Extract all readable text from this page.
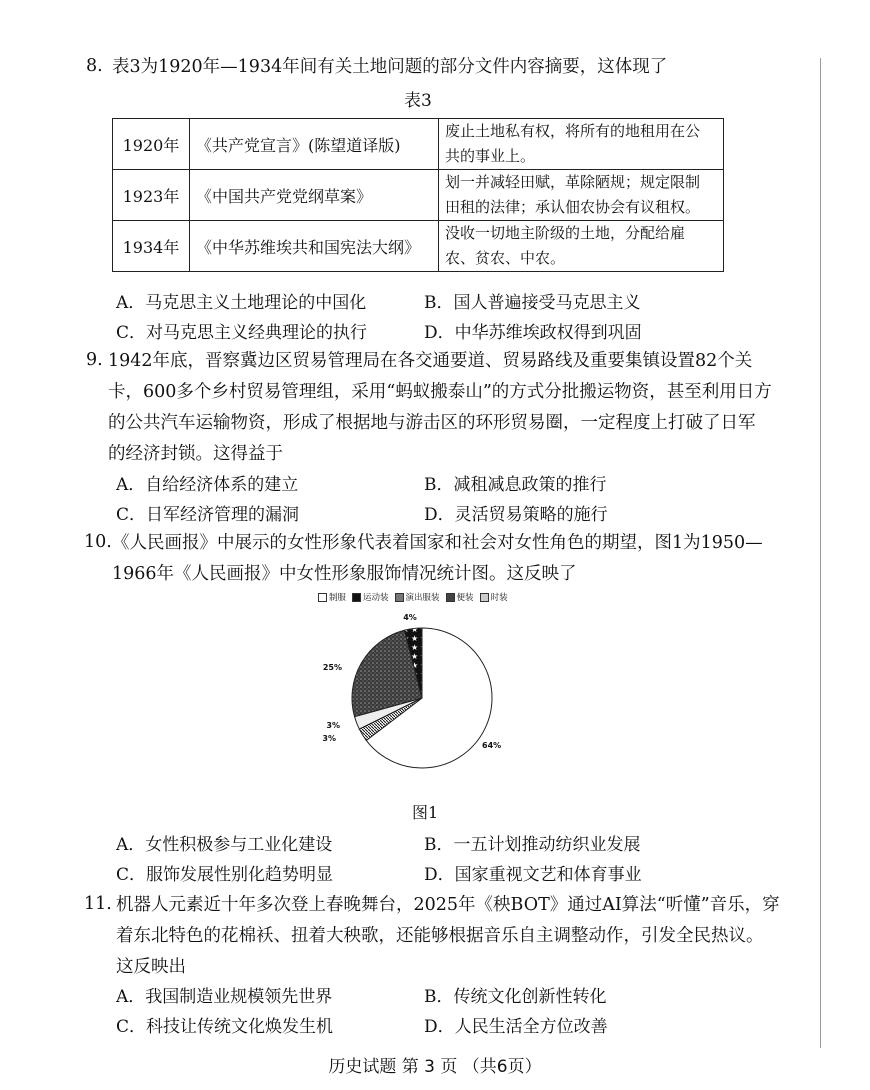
8. 表3为1920年—1934年间有关土地问题的部分文件内容摘要，这体现了
表3
1920年	《共产党宣言》(陈望道译版)	废止土地私有权，将所有的地租用在公
共的事业上。

1923年	《中国共产党党纲草案》	划一并减轻田赋，革除陋规；规定限制
田租的法律；承认佃农协会有议租权。

1934年	《中华苏维埃共和国宪法大纲》	没收一切地主阶级的土地，分配给雇
农、贫农、中农。
A．马克思主义土地理论的中国化	B．国人普遍接受马克思主义
C．对马克思主义经典理论的执行	D．中华苏维埃政权得到巩固
9. 1942年底，晋察冀边区贸易管理局在各交通要道、贸易路线及重要集镇设置82个关
卡，600多个乡村贸易管理组，采用“蚂蚁搬泰山”的方式分批搬运物资，甚至利用日方
的公共汽车运输物资，形成了根据地与游击区的环形贸易圈，一定程度上打破了日军
的经济封锁。这得益于
A．自给经济体系的建立	B．减租减息政策的推行
C．日军经济管理的漏洞	D．灵活贸易策略的施行
10. 《人民画报》中展示的女性形象代表着国家和社会对女性角色的期望，图1为1950—
1966年《人民画报》中女性形象服饰情况统计图。这反映了
制服 运动装 演出服装 便装 时装
64%
3%
3%
25%
4%
图1
A．女性积极参与工业化建设	B．一五计划推动纺织业发展
C．服饰发展性别化趋势明显	D．国家重视文艺和体育事业
11. 机器人元素近十年多次登上春晚舞台，2025年《秧BOT》通过AI算法“听懂”音乐，穿
着东北特色的花棉袄、扭着大秧歌，还能够根据音乐自主调整动作，引发全民热议。
这反映出
A．我国制造业规模领先世界	B．传统文化创新性转化
C．科技让传统文化焕发生机	D．人民生活全方位改善
历史试题 第 3 页 （共6页）
